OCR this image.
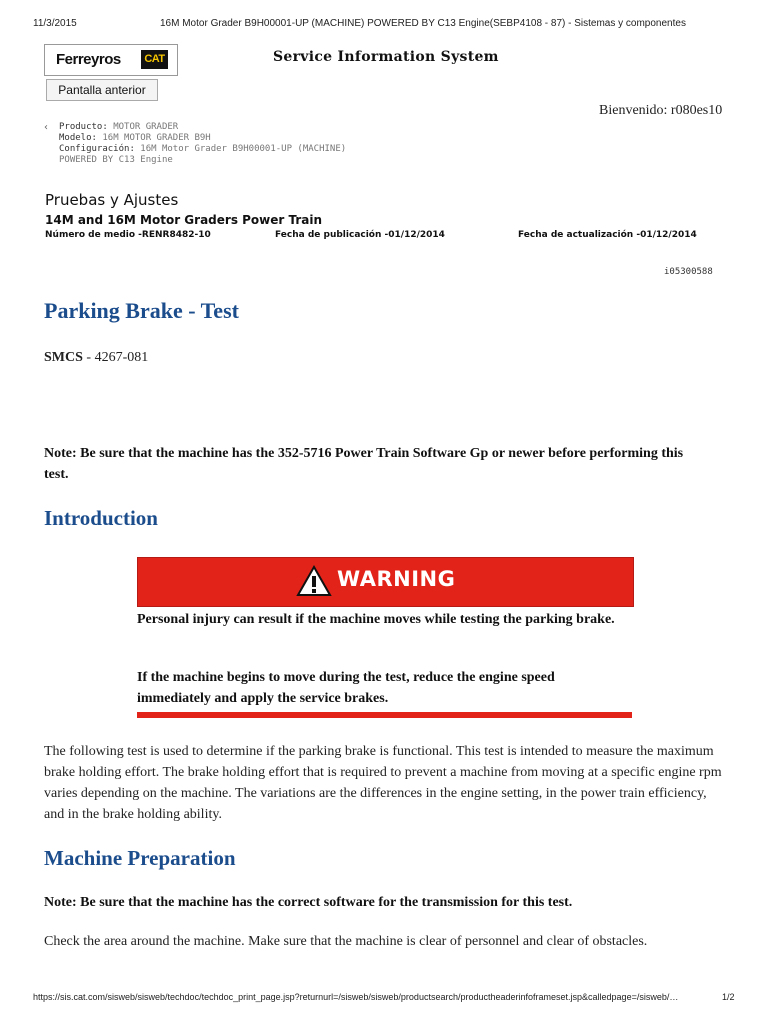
11/3/2015	16M Motor Grader B9H00001-UP (MACHINE) POWERED BY C13 Engine(SEBP4108 - 87) - Sistemas y componentes
Ferreyros	CAT	Service Information System
Pantalla anterior
Bienvenido: r080es10
‹	Producto: MOTOR GRADER
Modelo: 16M MOTOR GRADER B9H
Configuración: 16M Motor Grader B9H00001-UP (MACHINE)
POWERED BY C13 Engine
Pruebas y Ajustes
14M and 16M Motor Graders Power Train
Número de medio -RENR8482-10	Fecha de publicación -01/12/2014	Fecha de actualización -01/12/2014
i05300588
Parking Brake - Test
SMCS - 4267-081
Note: Be sure that the machine has the 352-5716 Power Train Software Gp or newer before performing this test.
Introduction
WARNING
Personal injury can result if the machine moves while testing the parking brake.
If the machine begins to move during the test, reduce the engine speed immediately and apply the service brakes.
The following test is used to determine if the parking brake is functional. This test is intended to measure the maximum brake holding effort. The brake holding effort that is required to prevent a machine from moving at a specific engine rpm varies depending on the machine. The variations are the differences in the engine setting, in the power train efficiency, and in the brake holding ability.
Machine Preparation
Note: Be sure that the machine has the correct software for the transmission for this test.
Check the area around the machine. Make sure that the machine is clear of personnel and clear of obstacles.
https://sis.cat.com/sisweb/sisweb/techdoc/techdoc_print_page.jsp?returnurl=/sisweb/sisweb/productsearch/productheaderinfoframeset.jsp&calledpage=/sisweb/…	1/2
